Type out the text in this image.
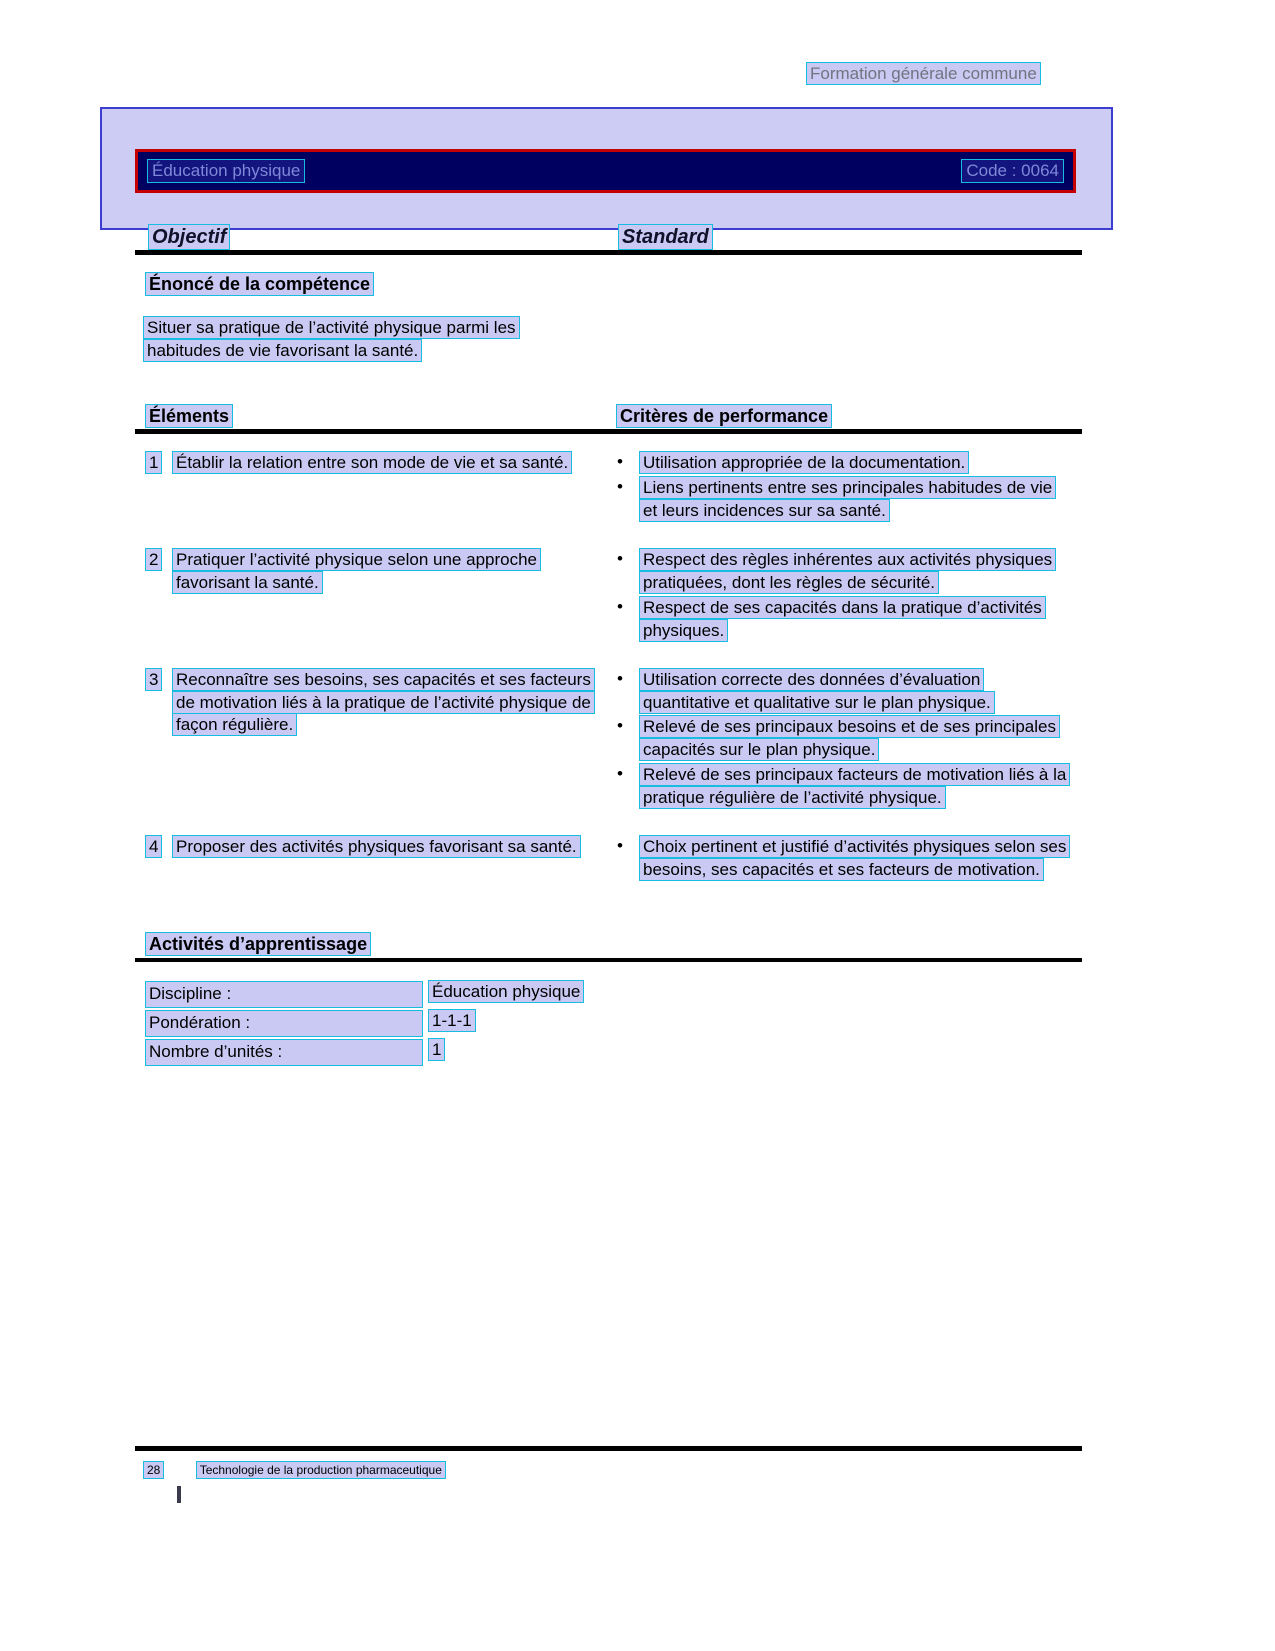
Formation générale commune
Éducation physique	Code : 0064
Objectif	Standard
Énoncé de la compétence
Situer sa pratique de l’activité physique parmi les habitudes de vie favorisant la santé.
Éléments	Critères de performance
1	Établir la relation entre son mode de vie et sa santé.	• Utilisation appropriée de la documentation.
• Liens pertinents entre ses principales habitudes de vie et leurs incidences sur sa santé.
2	Pratiquer l’activité physique selon une approche favorisant la santé.
• Respect des règles inhérentes aux activités physiques pratiquées, dont les règles de sécurité.
• Respect de ses capacités dans la pratique d’activités physiques.
3	Reconnaître ses besoins, ses capacités et ses facteurs de motivation liés à la pratique de l’activité physique de façon régulière.
• Utilisation correcte des données d’évaluation quantitative et qualitative sur le plan physique.
• Relevé de ses principaux besoins et de ses principales capacités sur le plan physique.
• Relevé de ses principaux facteurs de motivation liés à la pratique régulière de l’activité physique.
4	Proposer des activités physiques favorisant sa santé.	• Choix pertinent et justifié d’activités physiques selon ses besoins, ses capacités et ses facteurs de motivation.
Activités d’apprentissage
Discipline :	Éducation physique
Pondération :	1-1-1
Nombre d’unités :	1
28	Technologie de la production pharmaceutique
